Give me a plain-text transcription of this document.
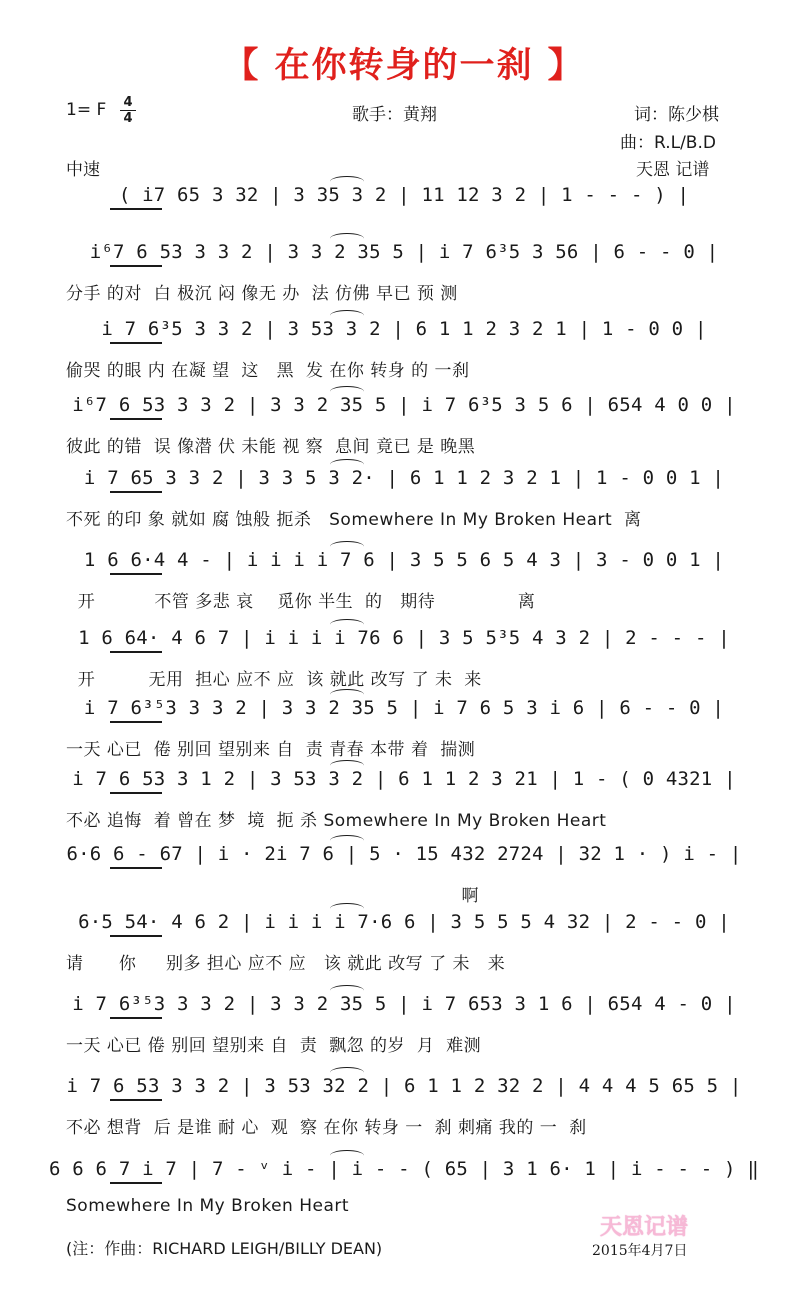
【 在你转身的一刹 】
1= F 4
4	歌手：黄翔	词：陈少棋
曲：R.L/B.D
中速	天恩 记谱
( i7 65 3 32 | 3 35 3 2 | 11 12 3 2 | 1 - - - ) |
i⁶7 6 53 3 3 2 | 3 3 2 35 5 | i 7 6³5 3 56 | 6 - - 0 |
分手 的对  白 极沉 闷 像无 办  法 仿佛 早已 预 测
i 7 6³5 3 3 2 | 3 53 3 2 | 6 1 1 2 3 2 1 | 1 - 0 0 |
偷哭 的眼 内 在凝 望  这   黑  发 在你 转身 的 一刹
i⁶7 6 53 3 3 2 | 3 3 2 35 5 | i 7 6³5 3 5 6 | 654 4 0 0 |
彼此 的错  误 像潜 伏 未能 视 察  息间 竟已 是 晚黑
i 7 65 3 3 2 | 3 3 5 3 2· | 6 1 1 2 3 2 1 | 1 - 0 0 1 |
不死 的印 象 就如 腐 蚀般 扼杀   Somewhere In My Broken Heart  离
1 6 6·4 4 - | i i i i 7 6 | 3 5 5 6 5 4 3 | 3 - 0 0 1 |
开          不管 多悲 哀    觅你 半生  的   期待              离
1 6 64· 4 6 7 | i i i i 76 6 | 3 5 5³5 4 3 2 | 2 - - - |
开         无用  担心 应不 应  该 就此 改写 了 未  来
i 7 6³⁵3 3 3 2 | 3 3 2 35 5 | i 7 6 5 3 i 6 | 6 - - 0 |
一天 心已  倦 别回 望别来 自  责 青春 本带 着  揣测
i 7 6 53 3 1 2 | 3 53 3 2 | 6 1 1 2 3 21 | 1 - ( 0 4321 |
不必 追悔  着 曾在 梦  境  扼 杀 Somewhere In My Broken Heart
6·6 6 - 67 | i · 2i 7 6 | 5 · 15 432 2724 | 32 1 · ) i - |
啊
6·5 54· 4 6 2 | i i i i 7·6 6 | 3 5 5 5 4 32 | 2 - - 0 |
请      你     别多 担心 应不 应   该 就此 改写 了 未   来
i 7 6³⁵3 3 3 2 | 3 3 2 35 5 | i 7 653 3 1 6 | 654 4 - 0 |
一天 心已 倦 别回 望别来 自  责  飘忽 的岁  月  难测
i 7 6 53 3 3 2 | 3 53 32 2 | 6 1 1 2 32 2 | 4 4 4 5 65 5 |
不必 想背  后 是谁 耐 心  观  察 在你 转身 一  刹 刺痛 我的 一  刹
6 6 6 7 i 7 | 7 - ᵛ i - | i - - ( 65 | 3 1 6· 1 | i - - - ) ‖
Somewhere In My Broken Heart
(注：作曲：RICHARD LEIGH/BILLY DEAN)
天恩记谱
2015年4月7日
